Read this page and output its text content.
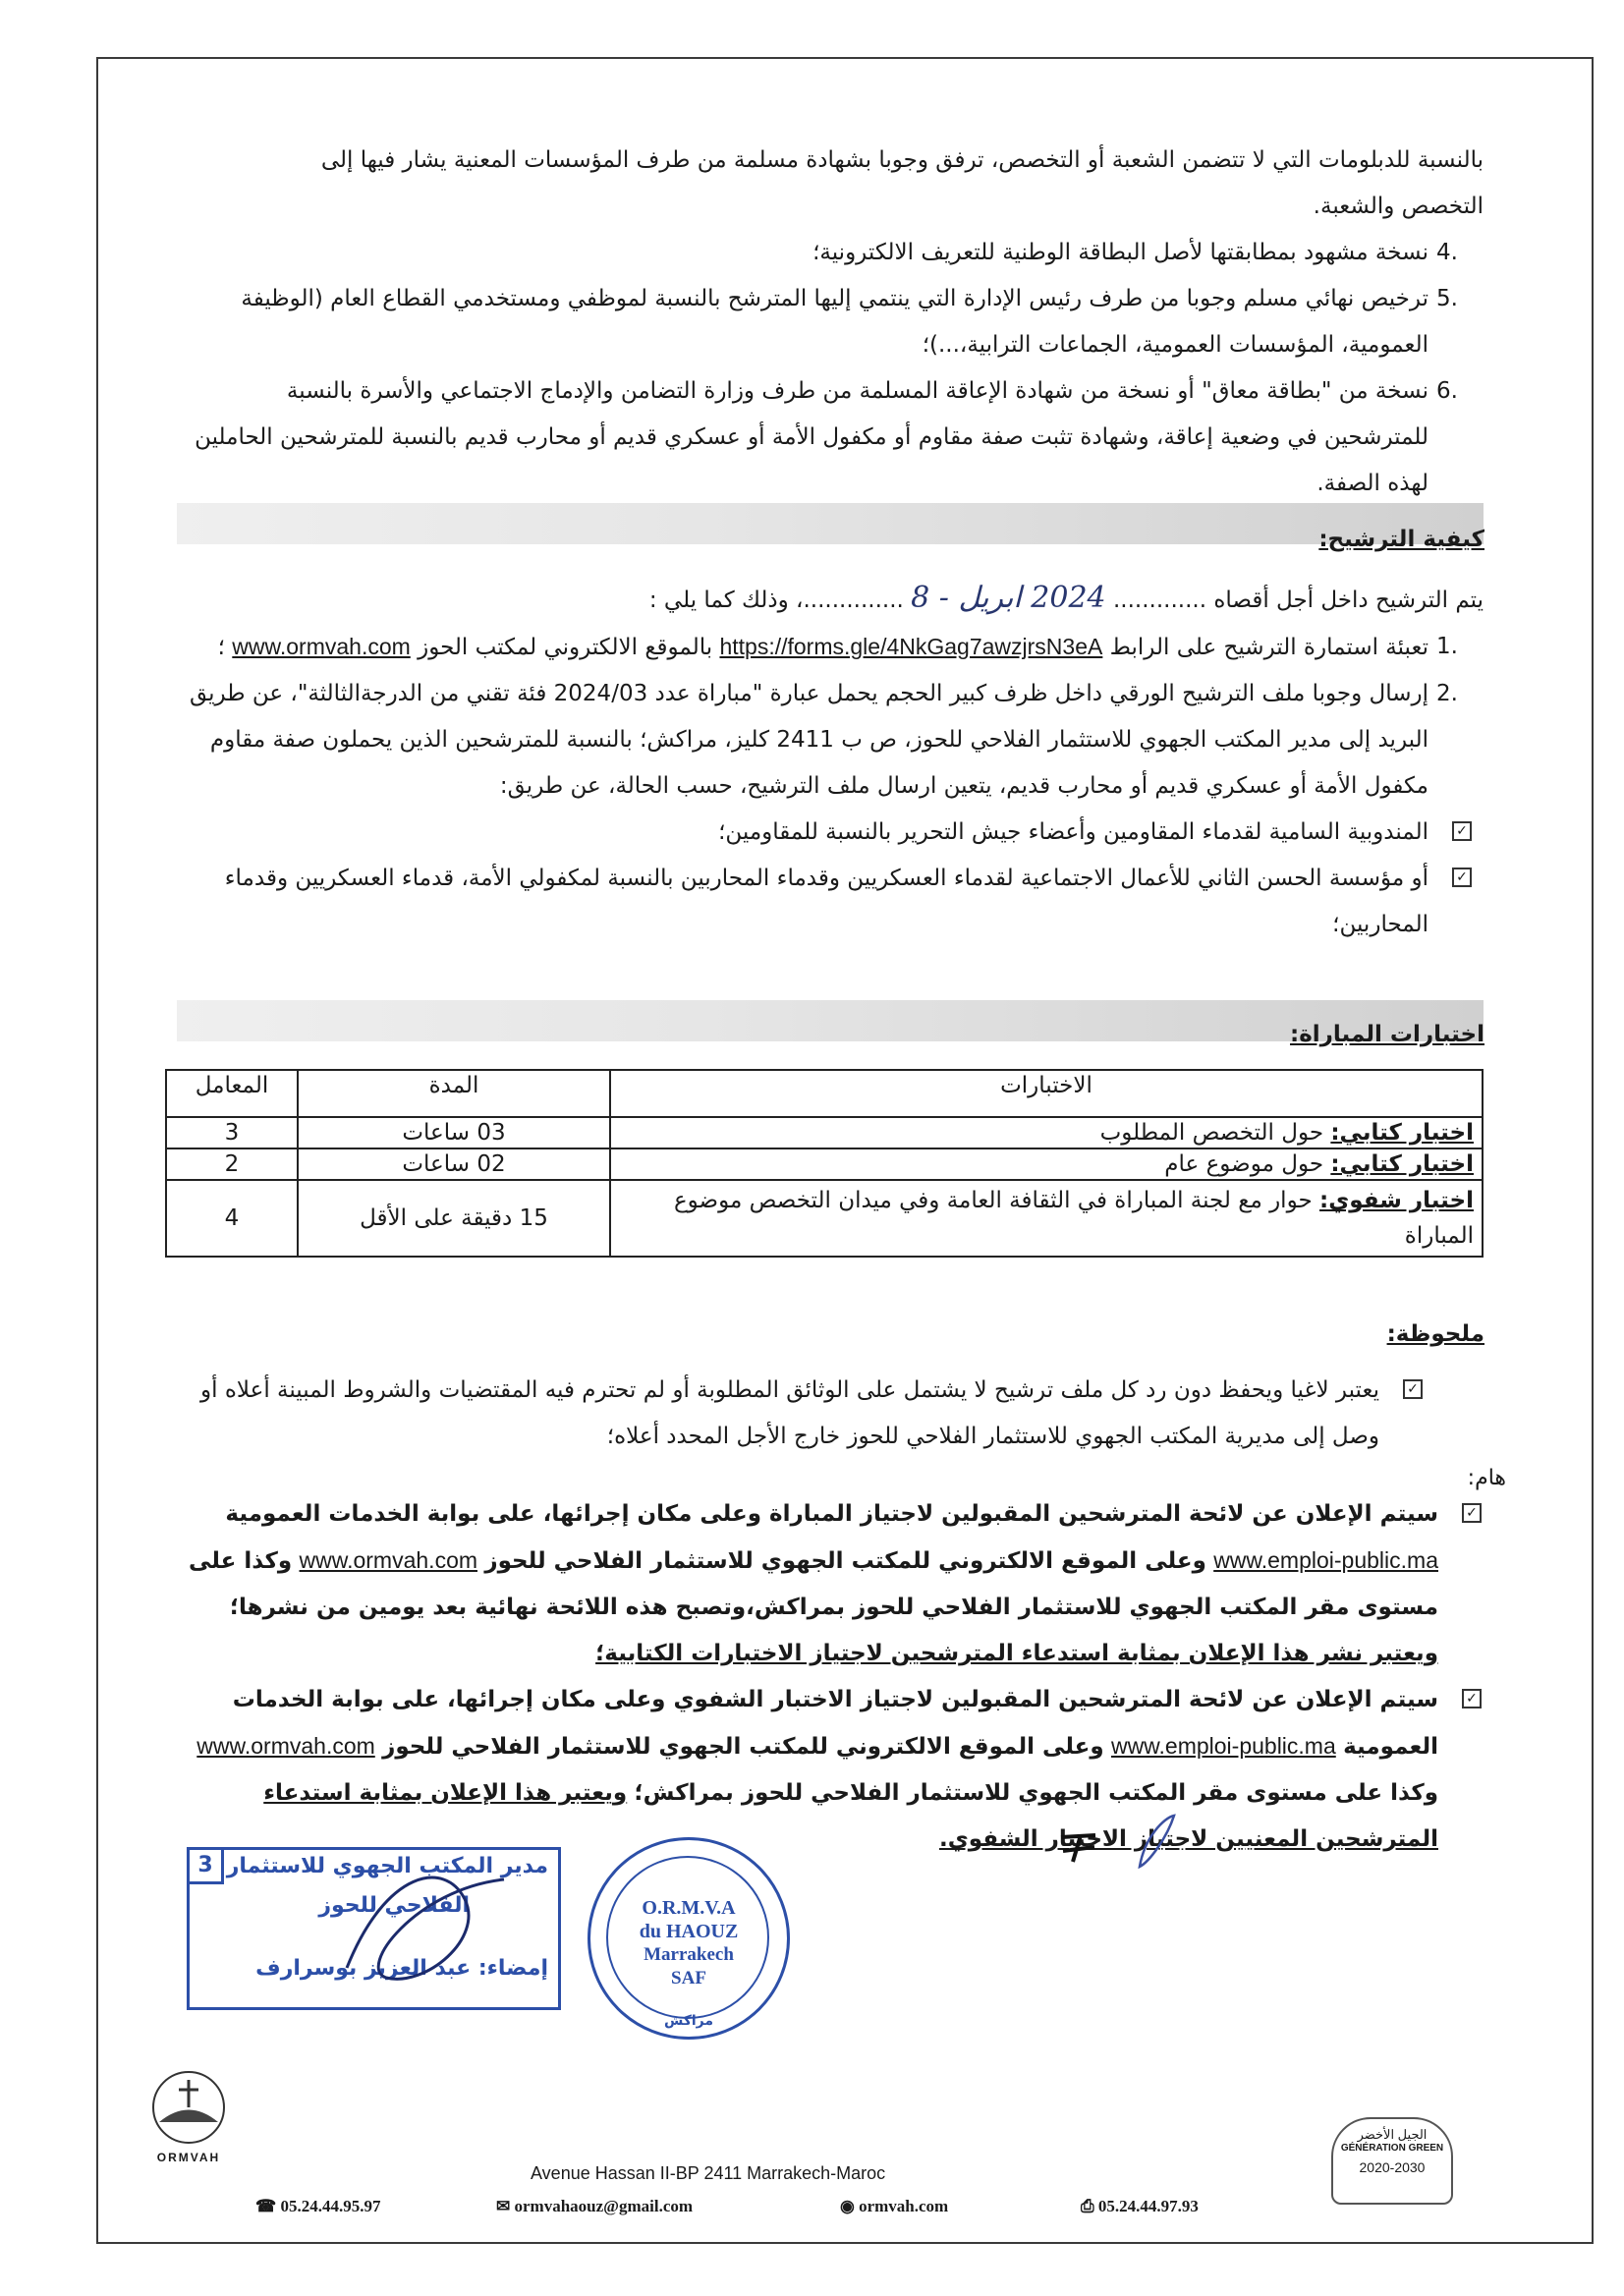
بالنسبة للدبلومات التي لا تتضمن الشعبة أو التخصص، ترفق وجوبا بشهادة مسلمة من طرف المؤسسات المعنية يشار فيها إلى
التخصص والشعبة.
4.
نسخة مشهود بمطابقتها لأصل البطاقة الوطنية للتعريف الالكترونية؛
5.
ترخيص نهائي مسلم وجوبا من طرف رئيس الإدارة التي ينتمي إليها المترشح بالنسبة لموظفي ومستخدمي القطاع العام (الوظيفة العمومية، المؤسسات العمومية، الجماعات الترابية،...)؛
6.
نسخة من "بطاقة معاق" أو نسخة من شهادة الإعاقة المسلمة من طرف وزارة التضامن والإدماج الاجتماعي والأسرة بالنسبة للمترشحين في وضعية إعاقة، وشهادة تثبت صفة مقاوم أو مكفول الأمة أو عسكري قديم أو محارب قديم بالنسبة للمترشحين الحاملين لهذه الصفة.
كيفية الترشيح:
يتم الترشيح داخل أجل أقصاه ............. 2024 ابريل - 8 ..............، وذلك كما يلي :
1.
تعبئة استمارة الترشيح على الرابط https://forms.gle/4NkGag7awzjrsN3eA بالموقع الالكتروني لمكتب الحوز www.ormvah.com ؛
2.
إرسال وجوبا ملف الترشيح الورقي داخل ظرف كبير الحجم يحمل عبارة "مباراة عدد 2024/03 فئة تقني من الدرجةالثالثة"، عن طريق البريد إلى مدير المكتب الجهوي للاستثمار الفلاحي للحوز، ص ب 2411 كليز، مراكش؛ بالنسبة للمترشحين الذين يحملون صفة مقاوم مكفول الأمة أو عسكري قديم أو محارب قديم، يتعين ارسال ملف الترشيح، حسب الحالة، عن طريق:
✓
المندوبية السامية لقدماء المقاومين وأعضاء جيش التحرير بالنسبة للمقاومين؛
✓
أو مؤسسة الحسن الثاني للأعمال الاجتماعية لقدماء العسكريين وقدماء المحاربين بالنسبة لمكفولي الأمة، قدماء العسكريين وقدماء المحاربين؛
اختبارات المباراة:
الاختبارات	المدة	المعامل
اختبار كتابي: حول التخصص المطلوب	03 ساعات	3
اختبار كتابي: حول موضوع عام	02 ساعات	2
اختبار شفوي: حوار مع لجنة المباراة في الثقافة العامة وفي ميدان التخصص موضوع المباراة	15 دقيقة على الأقل	4
ملحوظة:
✓
يعتبر لاغيا ويحفظ دون رد كل ملف ترشيح لا يشتمل على الوثائق المطلوبة أو لم تحترم فيه المقتضيات والشروط المبينة أعلاه أو وصل إلى مديرية المكتب الجهوي للاستثمار الفلاحي للحوز خارج الأجل المحدد أعلاه؛
هام:
✓
سيتم الإعلان عن لائحة المترشحين المقبولين لاجتياز المباراة وعلى مكان إجرائها، على بوابة الخدمات العمومية www.emploi-public.ma وعلى الموقع الالكتروني للمكتب الجهوي للاستثمار الفلاحي للحوز www.ormvah.com وكذا على مستوى مقر المكتب الجهوي للاستثمار الفلاحي للحوز بمراكش،وتصبح هذه اللائحة نهائية بعد يومين من نشرها؛ ويعتبر نشر هذا الإعلان بمثابة استدعاء المترشحين لاجتياز الاختبارات الكتابية؛
✓
سيتم الإعلان عن لائحة المترشحين المقبولين لاجتياز الاختبار الشفوي وعلى مكان إجرائها، على بوابة الخدمات العمومية www.emploi-public.ma وعلى الموقع الالكتروني للمكتب الجهوي للاستثمار الفلاحي للحوز www.ormvah.com وكذا على مستوى مقر المكتب الجهوي للاستثمار الفلاحي للحوز بمراكش؛ ويعتبر هذا الإعلان بمثابة استدعاء المترشحين المعنيين لاجتياز الاختبار الشفوي.
3 مدير المكتب الجهوي للاستثمار
الفلاحي للحوز
إمضاء: عبد العزيز بوسرارف
O.R.M.V.A
du HAOUZ
Marrakech
SAF
مراكش
ORMVAH
Avenue Hassan II-BP 2411 Marrakech-Maroc
☎ 05.24.44.95.97	✉ ormvahaouz@gmail.com	◉ ormvah.com	⎙ 05.24.44.97.93
الجيل الأخضر
GÉNÉRATION GREEN
2020-2030
